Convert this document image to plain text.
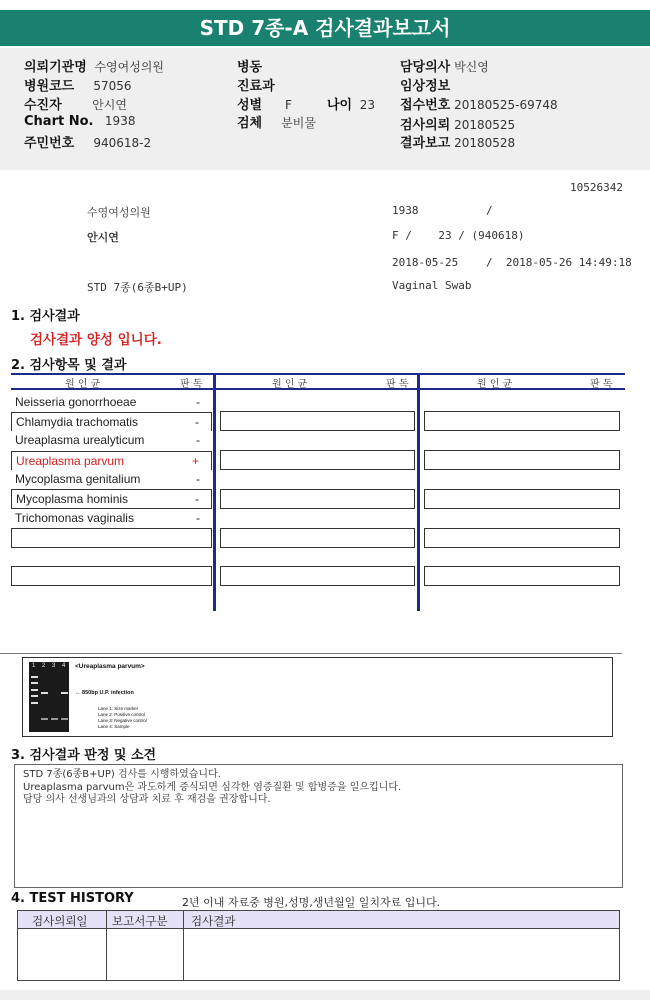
STD 7종-A 검사결과보고서
의뢰기관명 수영여성의원
병원코드 57056
수진자	안시연
Chart No. 1938
주민번호 940618-2
병동
진료과
성별 F	나이 23
검체 분비물
담당의사 박신영
임상정보
접수번호 20180525-69748
검사의뢰 20180525
결과보고 20180528
10526342
수영여성의원	1938	/
안시연	F /    23 / (940618)
2018-05-25	/  2018-05-26 14:49:18
STD 7종(6종B+UP)	Vaginal Swab
1. 검사결과
검사결과 양성 입니다.
2. 검사항목 및 결과
원 인 균	판 독	원 인 균	판 독	원 인 균	판 독
Neisseria gonorrhoeae	-
Chlamydia trachomatis	-
Ureaplasma urealyticum	-
Ureaplasma parvum	+
Mycoplasma genitalium	-
Mycoplasma hominis	-
Trichomonas vaginalis	-
1 2 3 4 <Ureaplasma parvum>
← 850bp U.P. infection
Lane 1: Size marker
Lane 2: Positive control
Lane 3: Negative control
Lane 4: Sample
3. 검사결과 판정 및 소견
STD 7종(6종B+UP) 검사를 시행하였습니다.
Ureaplasma parvum은 과도하게 증식되면 심각한 염증질환 및 합병증을 일으킵니다.
담당 의사 선생님과의 상담과 치료 후 재검을 권장합니다.
4. TEST HISTORY	2년 이내 자료중 병원,성명,생년월일 일치자료 입니다.
검사의뢰일 보고서구분 검사결과
